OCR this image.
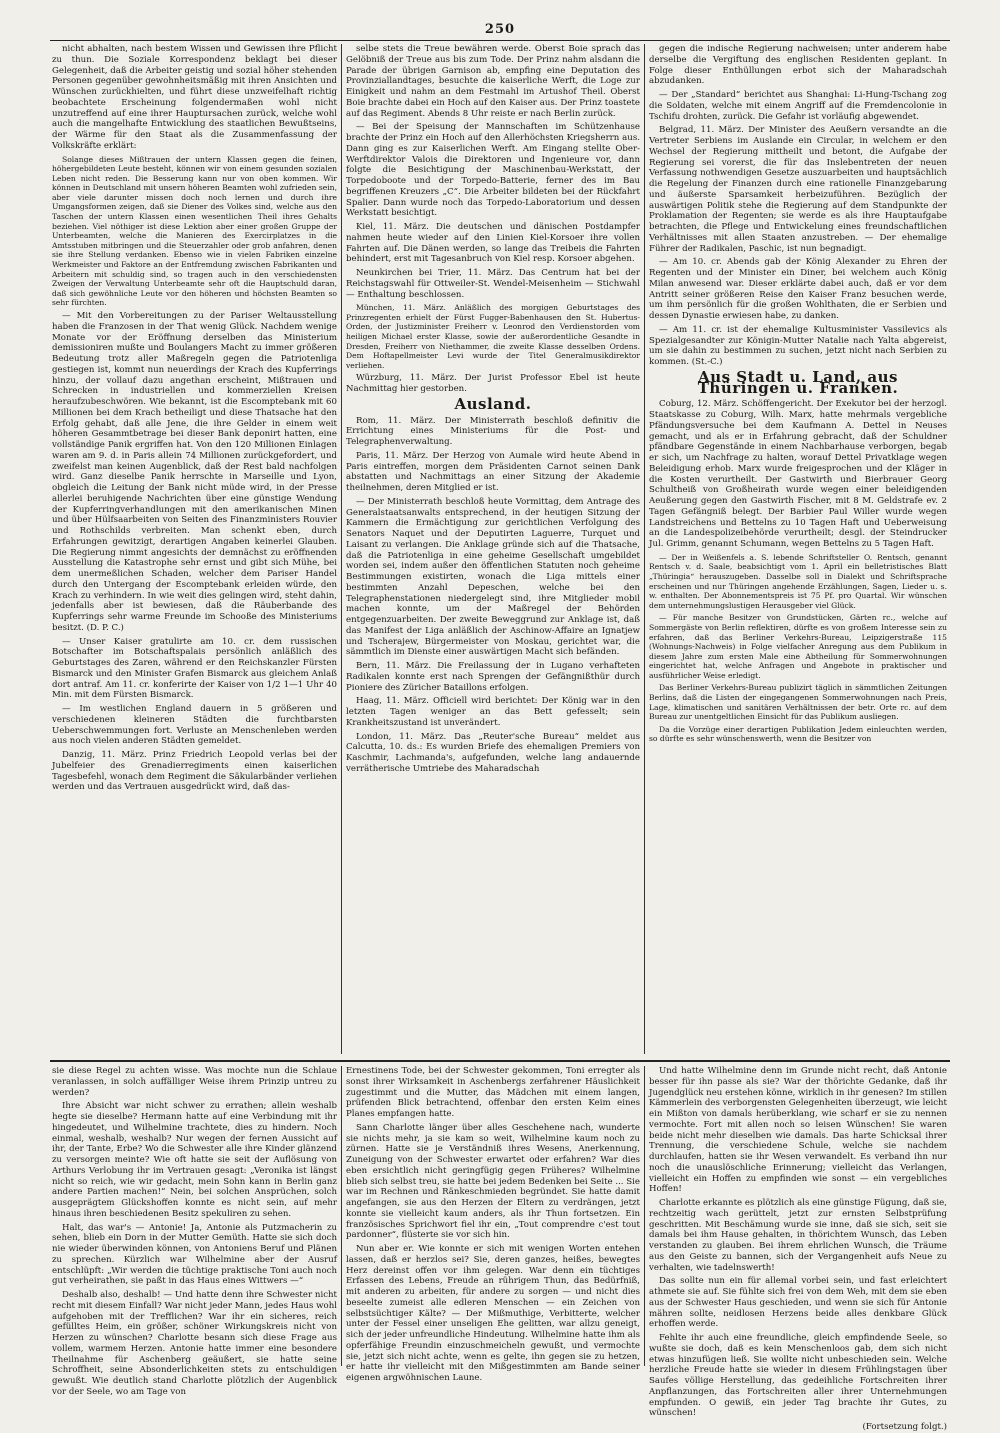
250

nicht abhalten, nach bestem Wissen und Gewissen ihre Pflicht zu thun. Die Soziale Korrespondenz beklagt bei dieser Gelegenheit, daß die Arbeiter geistig und sozial höher stehenden Personen gegenüber gewohnheitsmäßig mit ihren Ansichten und Wünschen zurückhielten, und führt diese unzweifelhaft richtig beobachtete Erscheinung folgendermaßen wohl nicht unzutreffend auf eine ihrer Hauptursachen zurück, welche wohl auch die mangelhafte Entwicklung des staatlichen Bewußtseins, der Wärme für den Staat als die Zusammenfassung der Volkskräfte erklärt:

Solange dieses Mißtrauen der untern Klassen gegen die feinen, höhergebildeten Leute besteht, können wir von einem gesunden sozialen Leben nicht reden. Die Besserung kann nur von oben kommen. Wir können in Deutschland mit unsern höheren Beamten wohl zufrieden sein, aber viele darunter missen doch noch lernen und durch ihre Umgangsformen zeigen, daß sie Diener des Volkes sind, welche aus den Taschen der untern Klassen einen wesentlichen Theil ihres Gehalts beziehen. Viel nöthiger ist diese Lektion aber einer großen Gruppe der Unterbeamten, welche die Manieren des Exercirplatzes in die Amtsstuben mitbringen und die Steuerzahler oder grob anfahren, denen sie ihre Stellung verdanken. Ebenso wie in vielen Fabriken einzelne Werkmeister und Faktore an der Entfremdung zwischen Fabrikanten und Arbeitern mit schuldig sind, so tragen auch in den verschiedensten Zweigen der Verwaltung Unterbeamte sehr oft die Hauptschuld daran, daß sich gewöhnliche Leute vor den höheren und höchsten Beamten so sehr fürchten.

— Mit den Vorbereitungen zu der Pariser Weltausstellung haben die Franzosen in der That wenig Glück. Nachdem wenige Monate vor der Eröffnung derselben das Ministerium demissioniren mußte und Boulangers Macht zu immer größeren Bedeutung trotz aller Maßregeln gegen die Patriotenliga gestiegen ist, kommt nun neuerdings der Krach des Kupferrings hinzu, der vollauf dazu angethan erscheint, Mißtrauen und Schrecken in industriellen und kommerziellen Kreisen heraufzubeschwören. Wie bekannt, ist die Escomptebank mit 60 Millionen bei dem Krach betheiligt und diese Thatsache hat den Erfolg gehabt, daß alle Jene, die ihre Gelder in einem weit höheren Gesammtbetrage bei dieser Bank deponirt hatten, eine vollständige Panik ergriffen hat. Von den 120 Millionen Einlagen waren am 9. d. in Paris allein 74 Millionen zurückgefordert, und zweifelst man keinen Augenblick, daß der Rest bald nachfolgen wird. Ganz dieselbe Panik herrschte in Marseille und Lyon, obgleich die Leitung der Bank nicht müde wird, in der Presse allerlei beruhigende Nachrichten über eine günstige Wendung der Kupferringverhandlungen mit den amerikanischen Minen und über Hülfsaarbeiten von Seiten des Finanzministers Rouvier und Rothschilds verbreiten. Man schenkt eben, durch Erfahrungen gewitzigt, derartigen Angaben keinerlei Glauben. Die Regierung nimmt angesichts der demnächst zu eröffnenden Ausstellung die Katastrophe sehr ernst und gibt sich Mühe, bei dem unermeßlichen Schaden, welcher dem Pariser Handel durch den Untergang der Escomptebank erleiden würde, den Krach zu verhindern. In wie weit dies gelingen wird, steht dahin, jedenfalls aber ist bewiesen, daß die Räuberbande des Kupferrings sehr warme Freunde im Schooße des Ministeriums besitzt. (D. P. C.)

— Unser Kaiser gratulirte am 10. cr. dem russischen Botschafter im Botschaftspalais persönlich anläßlich des Geburtstages des Zaren, während er den Reichskanzler Fürsten Bismarck und den Minister Grafen Bismarck aus gleichem Anlaß dort antraf. Am 11. cr. konferirte der Kaiser von 1/2 1—1 Uhr 40 Min. mit dem Fürsten Bismarck.

— Im westlichen England dauern in 5 größeren und verschiedenen kleineren Städten die furchtbarsten Ueberschwemmungen fort. Verluste an Menschenleben werden aus noch vielen anderen Städten gemeldet.

Danzig, 11. März. Prinz Friedrich Leopold verlas bei der Jubelfeier des Grenadierregiments einen kaiserlichen Tagesbefehl, wonach dem Regiment die Säkularbänder verliehen werden und das Vertrauen ausgedrückt wird, daß das-

selbe stets die Treue bewähren werde. Oberst Boie sprach das Gelöbniß der Treue aus bis zum Tode. Der Prinz nahm alsdann die Parade der übrigen Garnison ab, empfing eine Deputation des Provinziallandtages, besuchte die kaiserliche Werft, die Loge zur Einigkeit und nahm an dem Festmahl im Artushof Theil. Oberst Boie brachte dabei ein Hoch auf den Kaiser aus. Der Prinz toastete auf das Regiment. Abends 8 Uhr reiste er nach Berlin zurück.

— Bei der Speisung der Mannschaften im Schützenhause brachte der Prinz ein Hoch auf den Allerhöchsten Kriegsherrn aus. Dann ging es zur Kaiserlichen Werft. Am Eingang stellte Ober-Werftdirektor Valois die Direktoren und Ingenieure vor, dann folgte die Besichtigung der Maschinenbau-Werkstatt, der Torpedoboote und der Torpedo-Batterie, ferner des im Bau begriffenen Kreuzers „C“. Die Arbeiter bildeten bei der Rückfahrt Spalier. Dann wurde noch das Torpedo-Laboratorium und dessen Werkstatt besichtigt.

Kiel, 11. März. Die deutschen und dänischen Postdampfer nahmen heute wieder auf den Linien Kiel-Korsoer ihre vollen Fahrten auf. Die Dänen werden, so lange das Treibeis die Fahrten behindert, erst mit Tagesanbruch von Kiel resp. Korsoer abgehen.

Neunkirchen bei Trier, 11. März. Das Centrum hat bei der Reichstagswahl für Ottweiler-St. Wendel-Meisenheim — Stichwahl — Enthaltung beschlossen.

München, 11. März. Anläßlich des morgigen Geburtstages des Prinzregenten erhielt der Fürst Fugger-Babenhausen den St. Hubertus-Orden, der Justizminister Freiherr v. Leonrod den Verdienstorden vom heiligen Michael erster Klasse, sowie der außerordentliche Gesandte in Dresden, Freiherr von Niethammer, die zweite Klasse desselben Ordens. Dem Hoftapellmeister Levi wurde der Titel Generalmusikdirektor verliehen.

Würzburg, 11. März. Der Jurist Professor Ebel ist heute Nachmittag hier gestorben.

Ausland.

Rom, 11. März. Der Ministerrath beschloß definitiv die Errichtung eines Ministeriums für die Post- und Telegraphenverwaltung.

Paris, 11. März. Der Herzog von Aumale wird heute Abend in Paris eintreffen, morgen dem Präsidenten Carnot seinen Dank abstatten und Nachmittags an einer Sitzung der Akademie theilnehmen, deren Mitglied er ist.

— Der Ministerrath beschloß heute Vormittag, dem Antrage des Generalstaatsanwalts entsprechend, in der heutigen Sitzung der Kammern die Ermächtigung zur gerichtlichen Verfolgung des Senators Naquet und der Deputirten Laguerre, Turquet und Laisant zu verlangen. Die Anklage gründe sich auf die Thatsache, daß die Patriotenliga in eine geheime Gesellschaft umgebildet worden sei, indem außer den öffentlichen Statuten noch geheime Bestimmungen existirten, wonach die Liga mittels einer bestimmten Anzahl Depeschen, welche bei den Telegraphenstationen niedergelegt sind, ihre Mitglieder mobil machen konnte, um der Maßregel der Behörden entgegenzuarbeiten. Der zweite Beweggrund zur Anklage ist, daß das Manifest der Liga anläßlich der Aschinow-Affaire an Ignatjew und Tscherajew, Bürgermeister von Moskau, gerichtet war, die sämmtlich im Dienste einer auswärtigen Macht sich befänden.

Bern, 11. März. Die Freilassung der in Lugano verhafteten Radikalen konnte erst nach Sprengen der Gefängnißthür durch Pioniere des Züricher Bataillons erfolgen.

Haag, 11. März. Officiell wird berichtet: Der König war in den letzten Tagen weniger an das Bett gefesselt; sein Krankheitszustand ist unverändert.

London, 11. März. Das „Reuter'sche Bureau“ meldet aus Calcutta, 10. ds.: Es wurden Briefe des ehemaligen Premiers von Kaschmir, Lachmanda's, aufgefunden, welche lang andauernde verrätherische Umtriebe des Maharadschah

gegen die indische Regierung nachweisen; unter anderem habe derselbe die Vergiftung des englischen Residenten geplant. In Folge dieser Enthüllungen erbot sich der Maharadschah abzudanken.

— Der „Standard“ berichtet aus Shanghai: Li-Hung-Tschang zog die Soldaten, welche mit einem Angriff auf die Fremdencolonie in Tschifu drohten, zurück. Die Gefahr ist vorläufig abgewendet.

Belgrad, 11. März. Der Minister des Aeußern versandte an die Vertreter Serbiens im Auslande ein Circular, in welchem er den Wechsel der Regierung mittheilt und betont, die Aufgabe der Regierung sei vorerst, die für das Inslebentreten der neuen Verfassung nothwendigen Gesetze auszuarbeiten und hauptsächlich die Regelung der Finanzen durch eine rationelle Finanzgebarung und äußerste Sparsamkeit herbeizuführen. Bezüglich der auswärtigen Politik stehe die Regierung auf dem Standpunkte der Proklamation der Regenten; sie werde es als ihre Hauptaufgabe betrachten, die Pflege und Entwickelung eines freundschaftlichen Verhältnisses mit allen Staaten anzustreben. — Der ehemalige Führer der Radikalen, Paschic, ist nun begnadigt.

— Am 10. cr. Abends gab der König Alexander zu Ehren der Regenten und der Minister ein Diner, bei welchem auch König Milan anwesend war. Dieser erklärte dabei auch, daß er vor dem Antritt seiner größeren Reise den Kaiser Franz besuchen werde, um ihm persönlich für die großen Wohlthaten, die er Serbien und dessen Dynastie erwiesen habe, zu danken.

— Am 11. cr. ist der ehemalige Kultusminister Vassilevics als Spezialgesandter zur Königin-Mutter Natalie nach Yalta abgereist, um sie dahin zu bestimmen zu suchen, jetzt nicht nach Serbien zu kommen. (St.-C.)

Aus Stadt u. Land, aus Thüringen u. Franken.

Coburg, 12. März. Schöffengericht. Der Exekutor bei der herzogl. Staatskasse zu Coburg, Wilh. Marx, hatte mehrmals vergebliche Pfändungsversuche bei dem Kaufmann A. Dettel in Neuses gemacht, und als er in Erfahrung gebracht, daß der Schuldner pfändbare Gegenstände in einem Nachbarhause verborgen, begab er sich, um Nachfrage zu halten, worauf Dettel Privatklage wegen Beleidigung erhob. Marx wurde freigesprochen und der Kläger in die Kosten verurtheilt. Der Gastwirth und Bierbrauer Georg Schultheiß von Großheirath wurde wegen einer beleidigenden Aeußerung gegen den Gastwirth Fischer, mit 8 M. Geldstrafe ev. 2 Tagen Gefängniß belegt. Der Barbier Paul Willer wurde wegen Landstreichens und Bettelns zu 10 Tagen Haft und Ueberweisung an die Landespolizeibehörde verurtheilt; desgl. der Steindrucker Jul. Grimm, genannt Schumann, wegen Bettelns zu 5 Tagen Haft.

— Der in Weißenfels a. S. lebende Schriftsteller O. Rentsch, genannt Rentsch v. d. Saale, beabsichtigt vom 1. April ein belletristisches Blatt „Thüringia“ herauszugeben. Dasselbe soll in Dialekt und Schriftsprache erscheinen und nur Thüringen angehende Erzählungen, Sagen, Lieder u. s. w. enthalten. Der Abonnementspreis ist 75 Pf. pro Quartal. Wir wünschen dem unternehmungslustigen Herausgeber viel Glück.

— Für manche Besitzer von Grundstücken, Gärten rc., welche auf Sommergäste von Berlin reflektiren, dürfte es von großem Interesse sein zu erfahren, daß das Berliner Verkehrs-Bureau, Leipzigerstraße 115 (Wohnungs-Nachweis) in Folge vielfacher Anregung aus dem Publikum in diesem Jahre zum ersten Male eine Abtheilung für Sommerwohnungen eingerichtet hat, welche Anfragen und Angebote in praktischer und ausführlicher Weise erledigt.

Das Berliner Verkehrs-Bureau publizirt täglich in sämmtlichen Zeitungen Berlins, daß die Listen der eingegangenen Sommerwohnungen nach Preis, Lage, klimatischen und sanitären Verhältnissen der betr. Orte rc. auf dem Bureau zur unentgeltlichen Einsicht für das Publikum ausliegen.

Da die Vorzüge einer derartigen Publikation Jedem einleuchten werden, so dürfte es sehr wünschenswerth, wenn die Besitzer von

sie diese Regel zu achten wisse. Was mochte nun die Schlaue veranlassen, in solch auffälliger Weise ihrem Prinzip untreu zu werden?

Ihre Absicht war nicht schwer zu errathen; allein weshalb hegte sie dieselbe? Hermann hatte auf eine Verbindung mit ihr hingedeutet, und Wilhelmine trachtete, dies zu hindern. Noch einmal, weshalb, weshalb? Nur wegen der fernen Aussicht auf ihr, der Tante, Erbe? Wo die Schwester alle ihre Kinder glänzend zu versorgen meinte? Wie oft hatte sie seit der Auflösung von Arthurs Verlobung ihr im Vertrauen gesagt: „Veronika ist längst nicht so reich, wie wir gedacht, mein Sohn kann in Berlin ganz andere Partien machen!“ Nein, bei solchen Ansprüchen, solch ausgeprägtem Glückshoffen konnte es nicht sein, auf mehr hinaus ihren beschiedenen Besitz spekuliren zu sehen.

Halt, das war's — Antonie! Ja, Antonie als Putzmacherin zu sehen, blieb ein Dorn in der Mutter Gemüth. Hatte sie sich doch nie wieder überwinden können, von Antoniens Beruf und Plänen zu sprechen. Kürzlich war Wilhelmine aber der Ausruf entschlüpft: „Wir werden die tüchtige praktische Toni auch noch gut verheirathen, sie paßt in das Haus eines Wittwers —“

Deshalb also, deshalb! — Und hatte denn ihre Schwester nicht recht mit diesem Einfall? War nicht jeder Mann, jedes Haus wohl aufgehoben mit der Trefflichen? War ihr ein sicheres, reich gefülltes Heim, ein größer, schöner Wirkungskreis nicht von Herzen zu wünschen? Charlotte besann sich diese Frage aus vollem, warmem Herzen. Antonie hatte immer eine besondere Theilnahme für Aschenberg geäußert, sie hatte seine Schroffheit, seine Absonderlichkeiten stets zu entschuldigen gewußt. Wie deutlich stand Charlotte plötzlich der Augenblick vor der Seele, wo am Tage von

Ernestinens Tode, bei der Schwester gekommen, Toni erregter als sonst ihrer Wirksamkeit in Aschenbergs zerfahrener Häuslichkeit zugestimmt und die Mutter, das Mädchen mit einem langen, prüfenden Blick betrachtend, offenbar den ersten Keim eines Planes empfangen hatte.

Sann Charlotte länger über alles Geschehene nach, wunderte sie nichts mehr, ja sie kam so weit, Wilhelmine kaum noch zu zürnen. Hatte sie je Verständniß ihres Wesens, Anerkennung, Zuneigung von der Schwester erwartet oder erfahren? War dies eben ersichtlich nicht geringfügig gegen Früheres? Wilhelmine blieb sich selbst treu, sie hatte bei jedem Bedenken bei Seite ... Sie war im Rechnen und Ränkeschmieden begründet. Sie hatte damit angefangen, sie aus den Herzen der Eltern zu verdrängen, jetzt konnte sie vielleicht kaum anders, als ihr Thun fortsetzen. Ein französisches Sprichwort fiel ihr ein, „Tout comprendre c'est tout pardonner“, flüsterte sie vor sich hin.

Nun aber er. Wie konnte er sich mit wenigen Worten entehen lassen, daß er herzlos sei? Sie, deren ganzes, heißes, bewegtes Herz dereinst offen vor ihm gelegen. War denn ein tüchtiges Erfassen des Lebens, Freude an rührigem Thun, das Bedürfniß, mit anderen zu arbeiten, für andere zu sorgen — und nicht dies beseelte zumeist alle edleren Menschen — ein Zeichen von selbstsüchtiger Kälte? — Der Mißmuthige, Verbitterte, welcher unter der Fessel einer unseligen Ehe gelitten, war allzu geneigt, sich der jeder unfreundliche Hindeutung. Wilhelmine hatte ihm als opferfähige Freundin einzuschmeicheln gewußt, und vermochte sie, jetzt sich nicht achte, wenn es gelte, ihn gegen sie zu hetzen, er hatte ihr vielleicht mit den Mißgestimmten am Bande seiner eigenen argwöhnischen Laune.

Und hatte Wilhelmine denn im Grunde nicht recht, daß Antonie besser für ihn passe als sie? War der thörichte Gedanke, daß ihr Jugendglück neu erstehen könne, wirklich in ihr genesen? Im stillen Kämmerlein des verborgensten Gelegenheiten überzeugt, wie leicht ein Mißton von damals herüberklang, wie scharf er sie zu nennen vermochte. Fort mit allen noch so leisen Wünschen! Sie waren beide nicht mehr dieselben wie damals. Das harte Schicksal ihrer Trennung, die verschiedene Schule, welche sie nachdem durchlaufen, hatten sie ihr Wesen verwandelt. Es verband ihn nur noch die unauslöschliche Erinnerung; vielleicht das Verlangen, vielleicht ein Hoffen zu empfinden wie sonst — ein vergebliches Hoffen!

Charlotte erkannte es plötzlich als eine günstige Fügung, daß sie, rechtzeitig wach gerüttelt, jetzt zur ernsten Selbstprüfung geschritten. Mit Beschämung wurde sie inne, daß sie sich, seit sie damals bei ihm Hause gehalten, in thörichtem Wunsch, das Leben verstanden zu glauben. Bei ihrem ehrlichen Wunsch, die Träume aus den Geiste zu bannen, sich der Vergangenheit aufs Neue zu verhalten, wie tadelnswerth!

Das sollte nun ein für allemal vorbei sein, und fast erleichtert athmete sie auf. Sie fühlte sich frei von dem Weh, mit dem sie eben aus der Schwester Haus geschieden, und wenn sie sich für Antonie mähren sollte, neidlosen Herzens beide alles denkbare Glück erhoffen werde.

Fehlte ihr auch eine freundliche, gleich empfindende Seele, so wußte sie doch, daß es kein Menschenloos gab, dem sich nicht etwas hinzufügen ließ. Sie wollte nicht unbeschieden sein. Welche herzliche Freude hatte sie wieder in diesem Frühlingstagen über Saufes völlige Herstellung, das gedeihliche Fortschreiten ihrer Anpflanzungen, das Fortschreiten aller ihrer Unternehmungen empfunden. O gewiß, ein jeder Tag brachte ihr Gutes, zu wünschen!

(Fortsetzung folgt.)
